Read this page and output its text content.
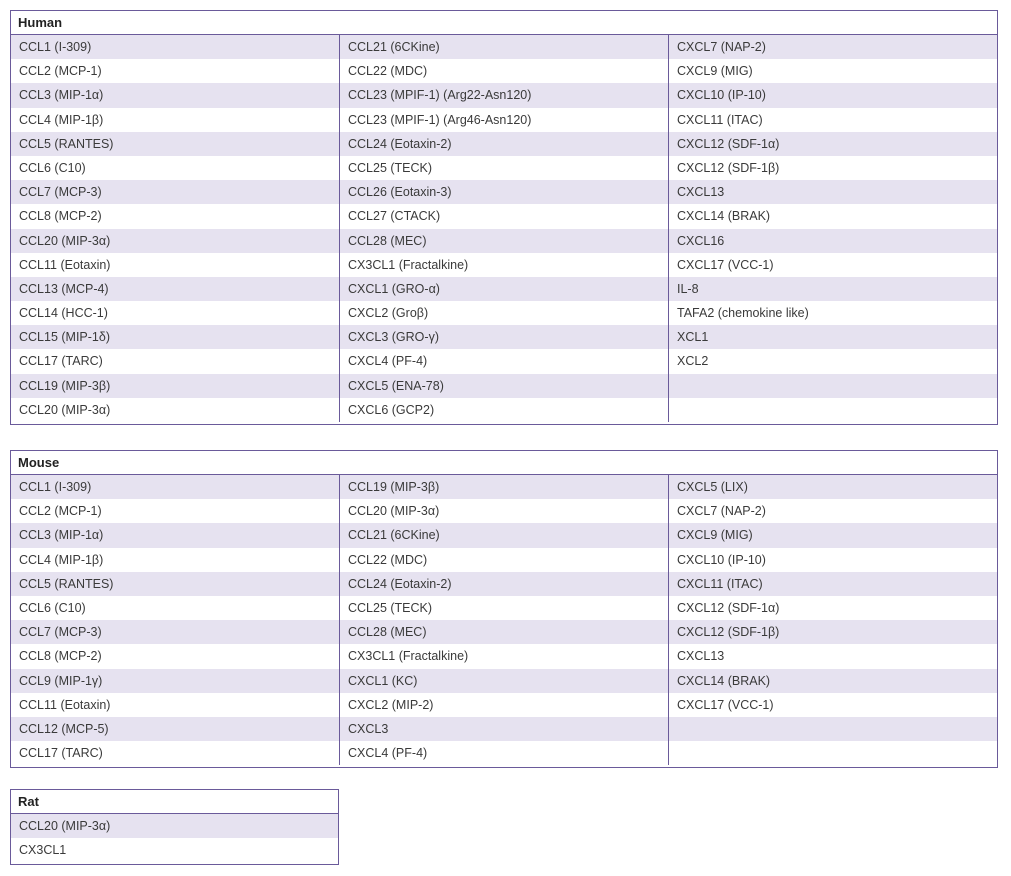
Human
CCL1 (I-309)
CCL2 (MCP-1)
CCL3 (MIP-1α)
CCL4 (MIP-1β)
CCL5 (RANTES)
CCL6 (C10)
CCL7 (MCP-3)
CCL8 (MCP-2)
CCL20 (MIP-3α)
CCL11 (Eotaxin)
CCL13 (MCP-4)
CCL14 (HCC-1)
CCL15 (MIP-1δ)
CCL17 (TARC)
CCL19 (MIP-3β)
CCL20 (MIP-3α)
CCL21 (6CKine)
CCL22 (MDC)
CCL23 (MPIF-1) (Arg22-Asn120)
CCL23 (MPIF-1) (Arg46-Asn120)
CCL24 (Eotaxin-2)
CCL25 (TECK)
CCL26 (Eotaxin-3)
CCL27 (CTACK)
CCL28 (MEC)
CX3CL1 (Fractalkine)
CXCL1 (GRO-α)
CXCL2 (Groβ)
CXCL3 (GRO-γ)
CXCL4 (PF-4)
CXCL5 (ENA-78)
CXCL6 (GCP2)
CXCL7 (NAP-2)
CXCL9 (MIG)
CXCL10 (IP-10)
CXCL11 (ITAC)
CXCL12 (SDF-1α)
CXCL12 (SDF-1β)
CXCL13
CXCL14 (BRAK)
CXCL16
CXCL17 (VCC-1)
IL-8
TAFA2 (chemokine like)
XCL1
XCL2
Mouse
CCL1 (I-309)
CCL2 (MCP-1)
CCL3 (MIP-1α)
CCL4 (MIP-1β)
CCL5 (RANTES)
CCL6 (C10)
CCL7 (MCP-3)
CCL8 (MCP-2)
CCL9 (MIP-1γ)
CCL11 (Eotaxin)
CCL12 (MCP-5)
CCL17 (TARC)
CCL19 (MIP-3β)
CCL20 (MIP-3α)
CCL21 (6CKine)
CCL22 (MDC)
CCL24 (Eotaxin-2)
CCL25 (TECK)
CCL28 (MEC)
CX3CL1 (Fractalkine)
CXCL1 (KC)
CXCL2 (MIP-2)
CXCL3
CXCL4 (PF-4)
CXCL5 (LIX)
CXCL7 (NAP-2)
CXCL9 (MIG)
CXCL10 (IP-10)
CXCL11 (ITAC)
CXCL12 (SDF-1α)
CXCL12 (SDF-1β)
CXCL13
CXCL14 (BRAK)
CXCL17 (VCC-1)
Rat
CCL20 (MIP-3α)
CX3CL1
